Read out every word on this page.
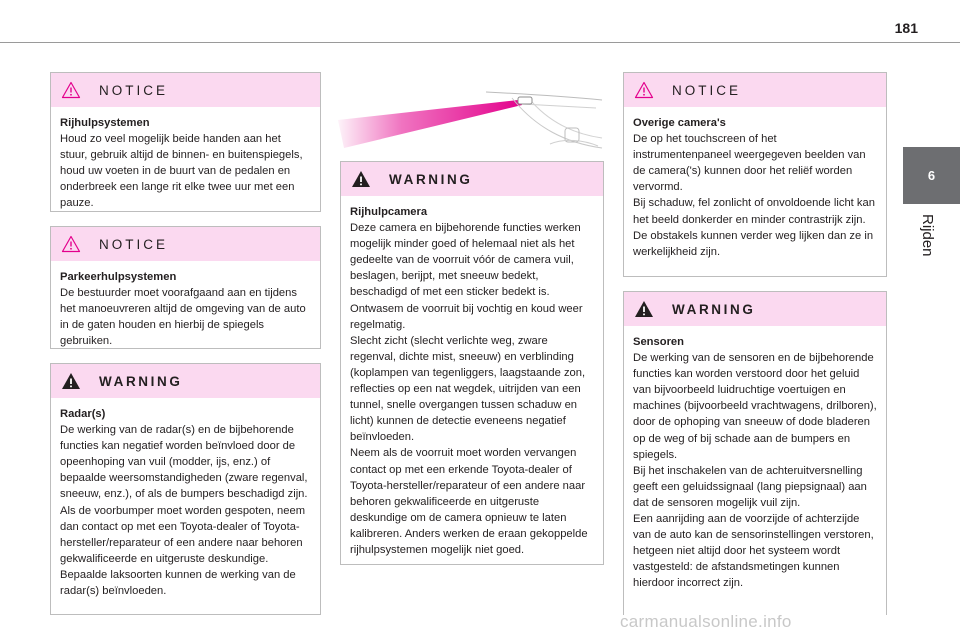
181
6
Rijden
NOTICE

Rijhulpsystemen

Houd zo veel mogelijk beide handen aan het stuur, gebruik altijd de binnen- en buitenspiegels, houd uw voeten in de buurt van de pedalen en onderbreek een lange rit elke twee uur met een pauze.

NOTICE

Parkeerhulpsystemen

De bestuurder moet voorafgaand aan en tijdens het manoeuvreren altijd de omgeving van de auto in de gaten houden en hierbij de spiegels gebruiken.

WARNING

Radar(s)

De werking van de radar(s) en de bijbehorende functies kan negatief worden beïnvloed door de opeenhoping van vuil (modder, ijs, enz.) of bepaalde weersomstandigheden (zware regenval, sneeuw, enz.), of als de bumpers beschadigd zijn.

Als de voorbumper moet worden gespoten, neem dan contact op met een Toyota-dealer of Toyota-hersteller/reparateur of een andere naar behoren gekwalificeerde en uitgeruste deskundige. Bepaalde laksoorten kunnen de werking van de radar(s) beïnvloeden.

WARNING

Rijhulpcamera

Deze camera en bijbehorende functies werken mogelijk minder goed of helemaal niet als het gedeelte van de voorruit vóór de camera vuil, beslagen, berijpt, met sneeuw bedekt, beschadigd of met een sticker bedekt is.

Ontwasem de voorruit bij vochtig en koud weer regelmatig.

Slecht zicht (slecht verlichte weg, zware regenval, dichte mist, sneeuw) en verblinding (koplampen van tegenliggers, laagstaande zon, reflecties op een nat wegdek, uitrijden van een tunnel, snelle overgangen tussen schaduw en licht) kunnen de detectie eveneens negatief beïnvloeden.

Neem als de voorruit moet worden vervangen contact op met een erkende Toyota-dealer of Toyota-hersteller/reparateur of een andere naar behoren gekwalificeerde en uitgeruste deskundige om de camera opnieuw te laten kalibreren. Anders werken de eraan gekoppelde rijhulpsystemen mogelijk niet goed.

NOTICE

Overige camera's

De op het touchscreen of het instrumentenpaneel weergegeven beelden van de camera('s) kunnen door het reliëf worden vervormd.

Bij schaduw, fel zonlicht of onvoldoende licht kan het beeld donkerder en minder contrastrijk zijn.

De obstakels kunnen verder weg lijken dan ze in werkelijkheid zijn.

WARNING

Sensoren

De werking van de sensoren en de bijbehorende functies kan worden verstoord door het geluid van bijvoorbeeld luidruchtige voertuigen en machines (bijvoorbeeld vrachtwagens, drilboren), door de ophoping van sneeuw of dode bladeren op de weg of bij schade aan de bumpers en spiegels.

Bij het inschakelen van de achteruitversnelling geeft een geluidssignaal (lang piepsignaal) aan dat de sensoren mogelijk vuil zijn.

Een aanrijding aan de voorzijde of achterzijde van de auto kan de sensorinstellingen verstoren, hetgeen niet altijd door het systeem wordt vastgesteld: de afstandsmetingen kunnen hierdoor incorrect zijn.

carmanualsonline.info
